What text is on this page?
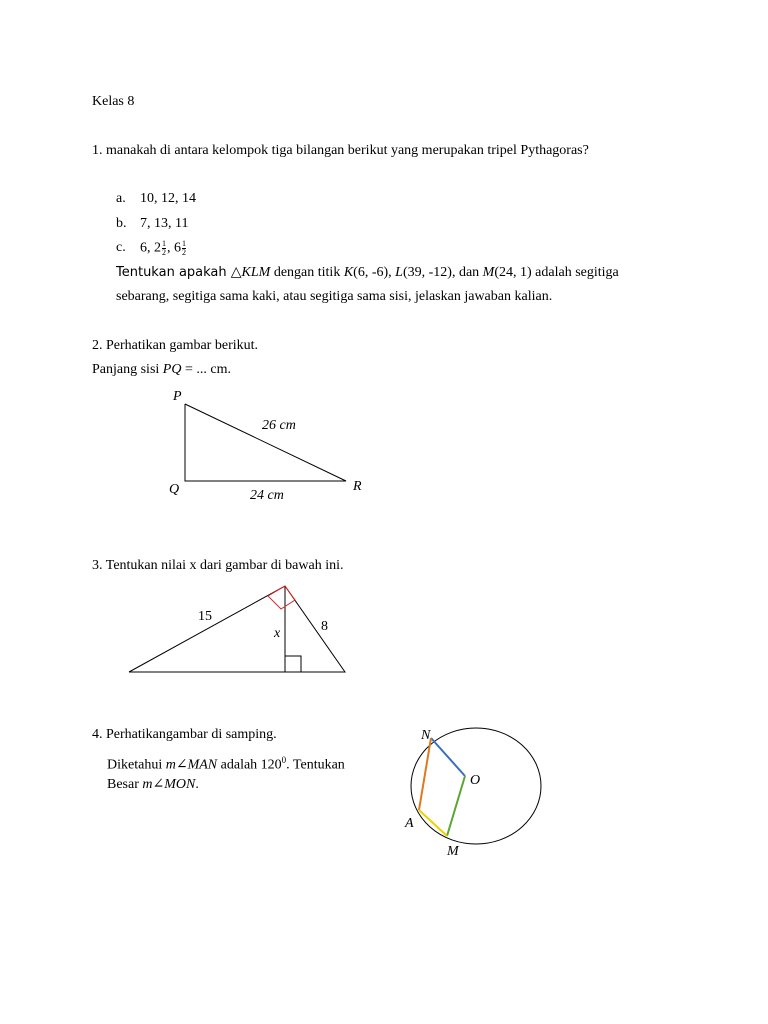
Kelas 8
1. manakah di antara kelompok tiga bilangan berikut yang merupakan tripel Pythagoras?
a. 10, 12, 14
b. 7, 13, 11
c. 6, $2 \frac{1}{2}$ , $6 \frac{1}{2}$
Tentukan apakah △KLM dengan titik K(6, -6), L(39, -12), dan M(24, 1) adalah segitiga
sebarang, segitiga sama kaki, atau segitiga sama sisi, jelaskan jawaban kalian.
2. Perhatikan gambar berikut.
Panjang sisi PQ = ... cm.
P
Q	R
26 cm
24 cm
15
8
x
N
O
A
M
3. Tentukan nilai x dari gambar di bawah ini.
4. Perhatikangambar di samping.
Diketahui m∠MAN adalah $120^0$. Tentukan
Besar m∠MON.
